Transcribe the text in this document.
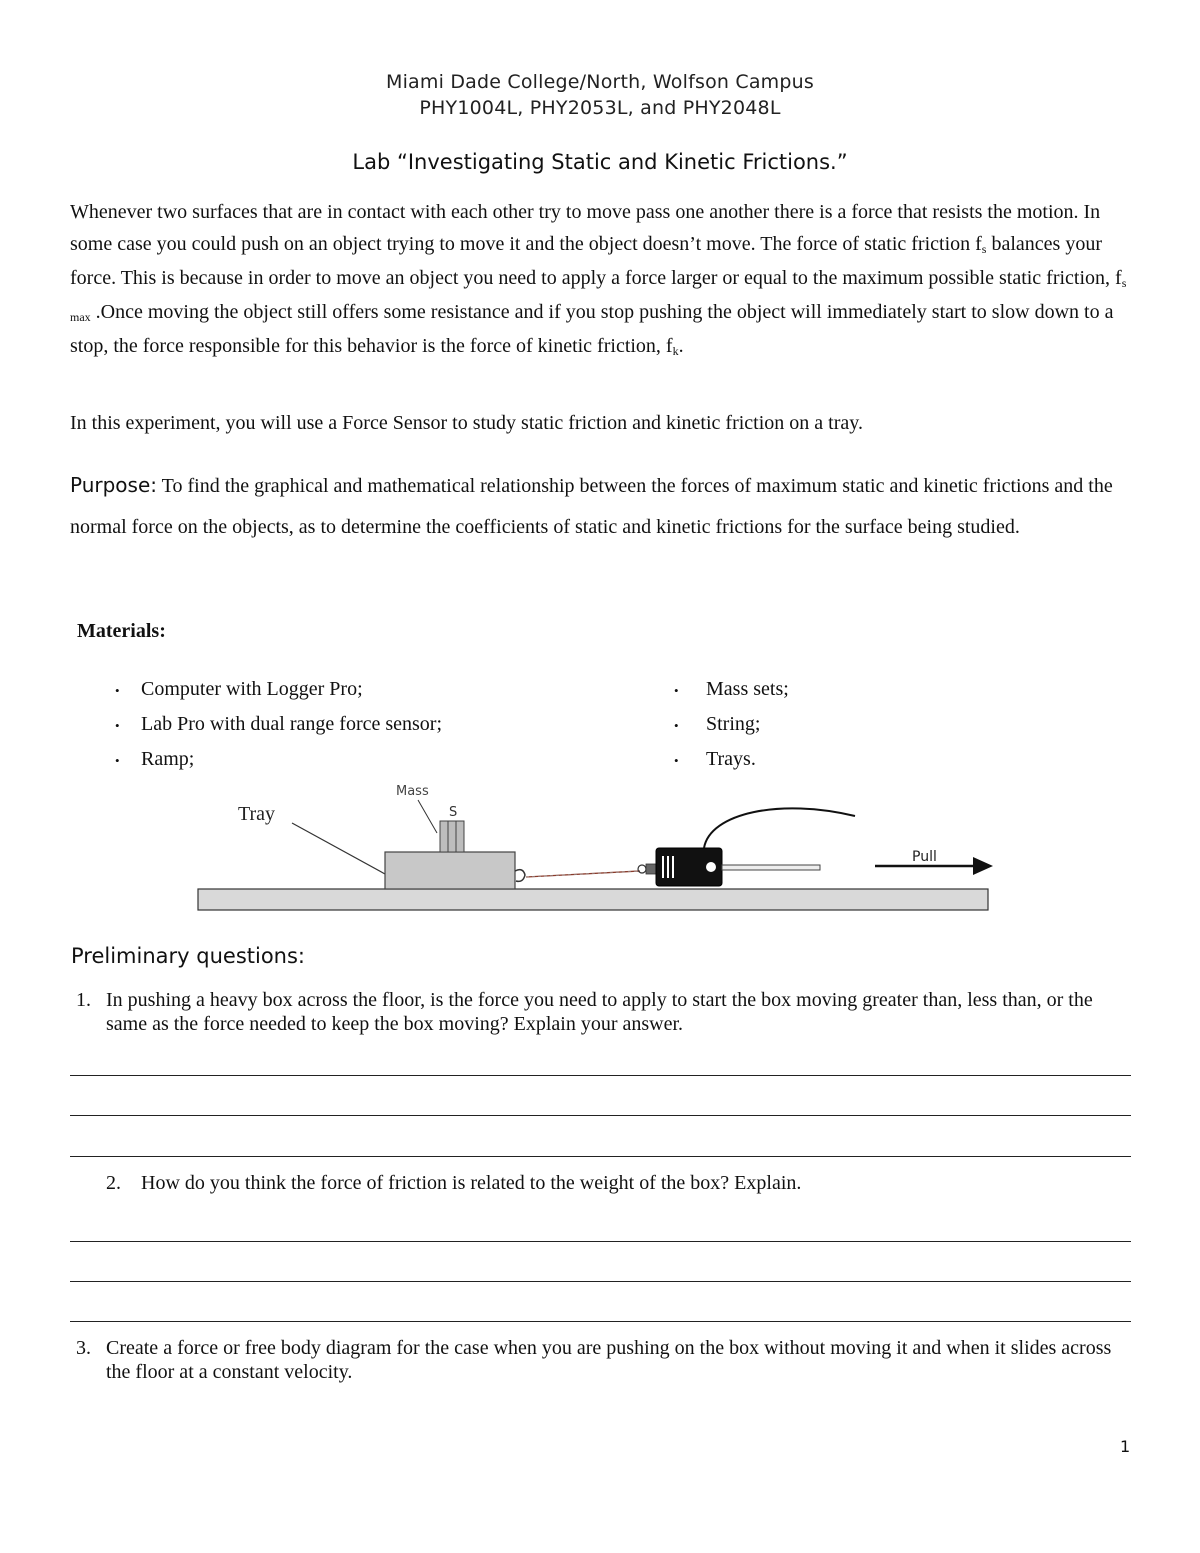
Miami Dade College/North, Wolfson Campus
PHY1004L, PHY2053L, and PHY2048L
Lab “Investigating Static and Kinetic Frictions.”
Whenever two surfaces that are in contact with each other try to move pass one another there is a force that resists the motion. In some case you could push on an object trying to move it and the object doesn’t move. The force of static friction $f_s$ balances your force. This is because in order to move an object you need to apply a force larger or equal to the maximum possible static friction, $f_{s max}$ .Once moving the object still offers some resistance and if you stop pushing the object will immediately start to slow down to a stop, the force responsible for this behavior is the force of kinetic friction, $f_k$.
In this experiment, you will use a Force Sensor to study static friction and kinetic friction on a tray.
Purpose: To find the graphical and mathematical relationship between the forces of maximum static and kinetic frictions and the normal force on the objects, as to determine the coefficients of static and kinetic frictions for the surface being studied.
Materials:
• Computer with Logger Pro;
• Lab Pro with dual range force sensor;
• Ramp;
• Mass sets;
• String;
• Trays.
Tray
Mass
S
Pull
Preliminary questions:
1. In pushing a heavy box across the floor, is the force you need to apply to start the box moving greater than, less than, or the same as the force needed to keep the box moving? Explain your answer.
2. How do you think the force of friction is related to the weight of the box? Explain.
3. Create a force or free body diagram for the case when you are pushing on the box without moving it and when it slides across the floor at a constant velocity.
1
